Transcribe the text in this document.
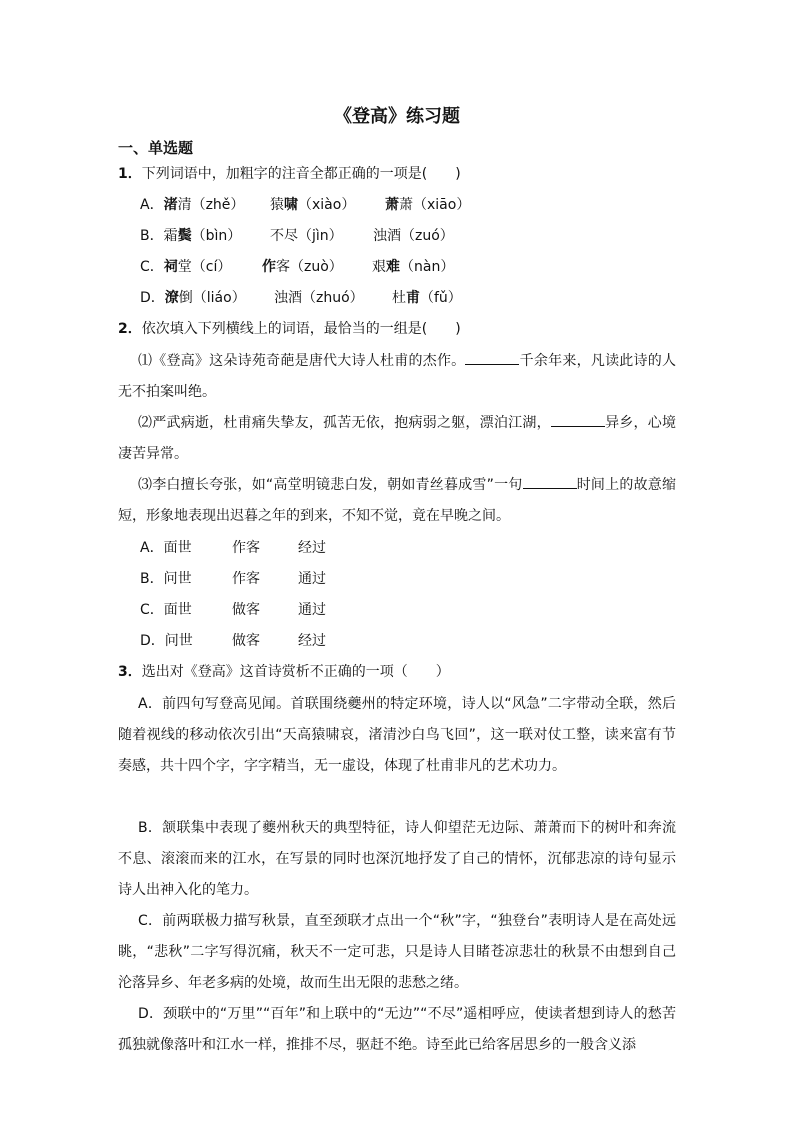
《登高》练习题
一、单选题
1．下列词语中，加粗字的注音全都正确的一项是(　　)
A．渚清（zhě） 猿啸（xiào） 萧萧（xiāo）
B．霜鬓（bìn） 不尽（jìn） 浊酒（zuó）
C．祠堂（cí） 作客（zuò） 艰难（nàn）
D．潦倒（liáo） 浊酒（zhuó） 杜甫（fǔ）
2．依次填入下列横线上的词语，最恰当的一组是(　　)
⑴《登高》这朵诗苑奇葩是唐代大诗人杜甫的杰作。	千余年来，凡读此诗的人无不拍案叫绝。
⑵严武病逝，杜甫痛失挚友，孤苦无依，抱病弱之躯，漂泊江湖，	异乡，心境凄苦异常。
⑶李白擅长夸张，如“高堂明镜悲白发，朝如青丝暮成雪”一句	时间上的故意缩短，形象地表现出迟暮之年的到来，不知不觉，竟在早晚之间。
A．面世	作客	经过
B．问世	作客	通过
C．面世	做客	通过
D．问世	做客	经过
3．选出对《登高》这首诗赏析不正确的一项（　　）
A．前四句写登高见闻。首联围绕夔州的特定环境，诗人以“风急”二字带动全联，然后随着视线的移动依次引出“天高猿啸哀，渚清沙白鸟飞回”，这一联对仗工整，读来富有节奏感，共十四个字，字字精当，无一虚设，体现了杜甫非凡的艺术功力。
B．颔联集中表现了夔州秋天的典型特征，诗人仰望茫无边际、萧萧而下的树叶和奔流不息、滚滚而来的江水，在写景的同时也深沉地抒发了自己的情怀，沉郁悲凉的诗句显示诗人出神入化的笔力。
C．前两联极力描写秋景，直至颈联才点出一个“秋”字，“独登台”表明诗人是在高处远眺，“悲秋”二字写得沉痛，秋天不一定可悲，只是诗人目睹苍凉悲壮的秋景不由想到自己沦落异乡、年老多病的处境，故而生出无限的悲愁之绪。
D．颈联中的“万里”“百年”和上联中的“无边”“不尽”遥相呼应，使读者想到诗人的愁苦孤独就像落叶和江水一样，推排不尽，驱赶不绝。诗至此已给客居思乡的一般含义添
